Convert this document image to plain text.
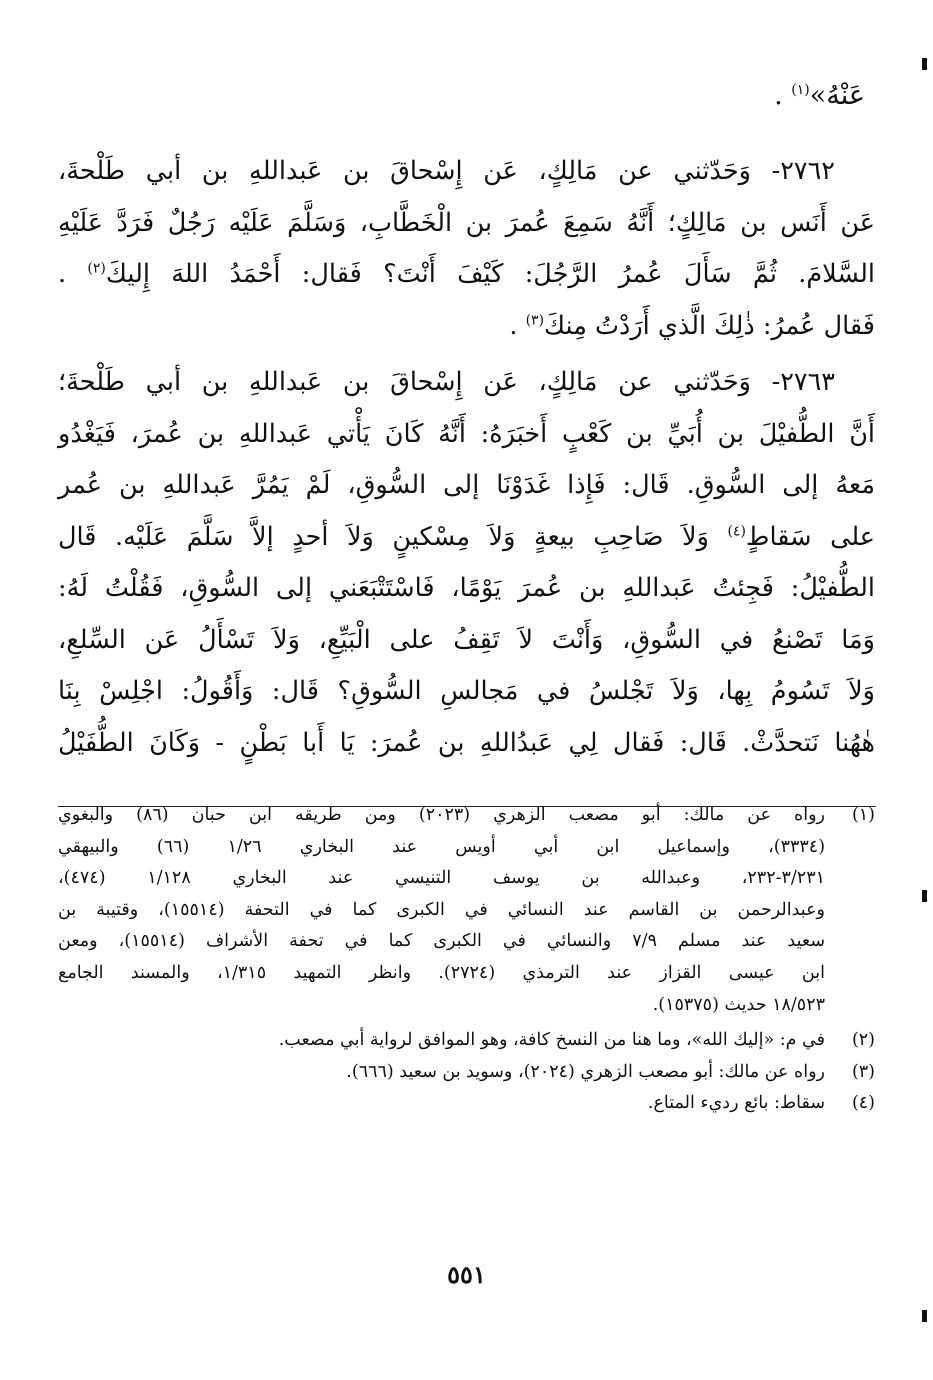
عَنْهُ»$^{(١)}$ .
٢٧٦٢- وَحَدّثني عن مَالِكٍ، عَن إِسْحاقَ بن عَبداللهِ بن أبي طَلْحةَ،
عَن أَنَس بن مَالِكٍ؛ أَنَّهُ سَمِعَ عُمرَ بن الْخَطَّابِ، وَسَلَّمَ عَلَيْه رَجُلٌ فَرَدَّ عَلَيْهِ
السَّلامَ. ثُمَّ سَأَلَ عُمرُ الرَّجُلَ: كَيْفَ أَنْتَ؟ فَقال: أَحْمَدُ اللهَ إِليكَ$^{(٢)}$ .
فَقال عُمرُ: ذٰلِكَ الَّذي أَرَدْتُ مِنكَ$^{(٣)}$ .
٢٧٦٣- وَحَدّثني عن مَالِكٍ، عَن إِسْحاقَ بن عَبداللهِ بن أبي طَلْحةَ؛
أَنَّ الطُّفيْلَ بن أُبَيِّ بن كَعْبٍ أَخبَرَهُ: أَنَّهُ كَانَ يَأْتي عَبداللهِ بن عُمرَ، فَيَغْدُو
مَعهُ إلى السُّوقِ. قَال: فَإِذا غَدَوْنَا إلى السُّوقِ، لَمْ يَمُرَّ عَبداللهِ بن عُمر
على سَقاطٍ$^{(٤)}$ وَلاَ صَاحِبِ بيعةٍ وَلاَ مِسْكينٍ وَلاَ أحدٍ إلاَّ سَلَّمَ عَلَيْه. قَال
الطُّفيْلُ: فَجِئتُ عَبداللهِ بن عُمرَ يَوْمًا، فَاسْتَتْبَعَني إلى السُّوقِ، فَقُلْتُ لَهُ:
وَمَا تَصْنعُ في السُّوقِ، وَأَنْتَ لاَ تَقِفُ على الْبَيِّعِ، وَلاَ تَسْأَلُ عَن السِّلعِ،
وَلاَ تَسُومُ بِها، وَلاَ تَجْلسُ في مَجالسِ السُّوقِ؟ قَال: وَأَقُولُ: اجْلِسْ بِنَا
هٰهُنا نَتحدَّثْ. قَال: فَقال لِي عَبدُاللهِ بن عُمرَ: يَا أَبا بَطْنٍ - وَكَانَ الطُّفَيْلُ
(١)
رواه عن مالك: أبو مصعب الزهري (٢٠٢٣) ومن طريقه ابن حبان (٨٦) والبغوي
(٣٣٣٤)، وإسماعيل ابن أبي أويس عند البخاري ١/٢٦ (٦٦) والبيهقي
٣/٢٣١-٢٣٢، وعبدالله بن يوسف التنيسي عند البخاري ١/١٢٨ (٤٧٤)،
وعبدالرحمن بن القاسم عند النسائي في الكبرى كما في التحفة (١٥٥١٤)، وقتيبة بن
سعيد عند مسلم ٧/٩ والنسائي في الكبرى كما في تحفة الأشراف (١٥٥١٤)، ومعن
ابن عيسى القزاز عند الترمذي (٢٧٢٤). وانظر التمهيد ١/٣١٥، والمسند الجامع
١٨/٥٢٣ حديث (١٥٣٧٥).
(٢)
في م: «إليك الله»، وما هنا من النسخ كافة، وهو الموافق لرواية أبي مصعب.
(٣)
رواه عن مالك: أبو مصعب الزهري (٢٠٢٤)، وسويد بن سعيد (٦٦٦).
(٤)
سقاط: بائع رديء المتاع.
٥٥١
